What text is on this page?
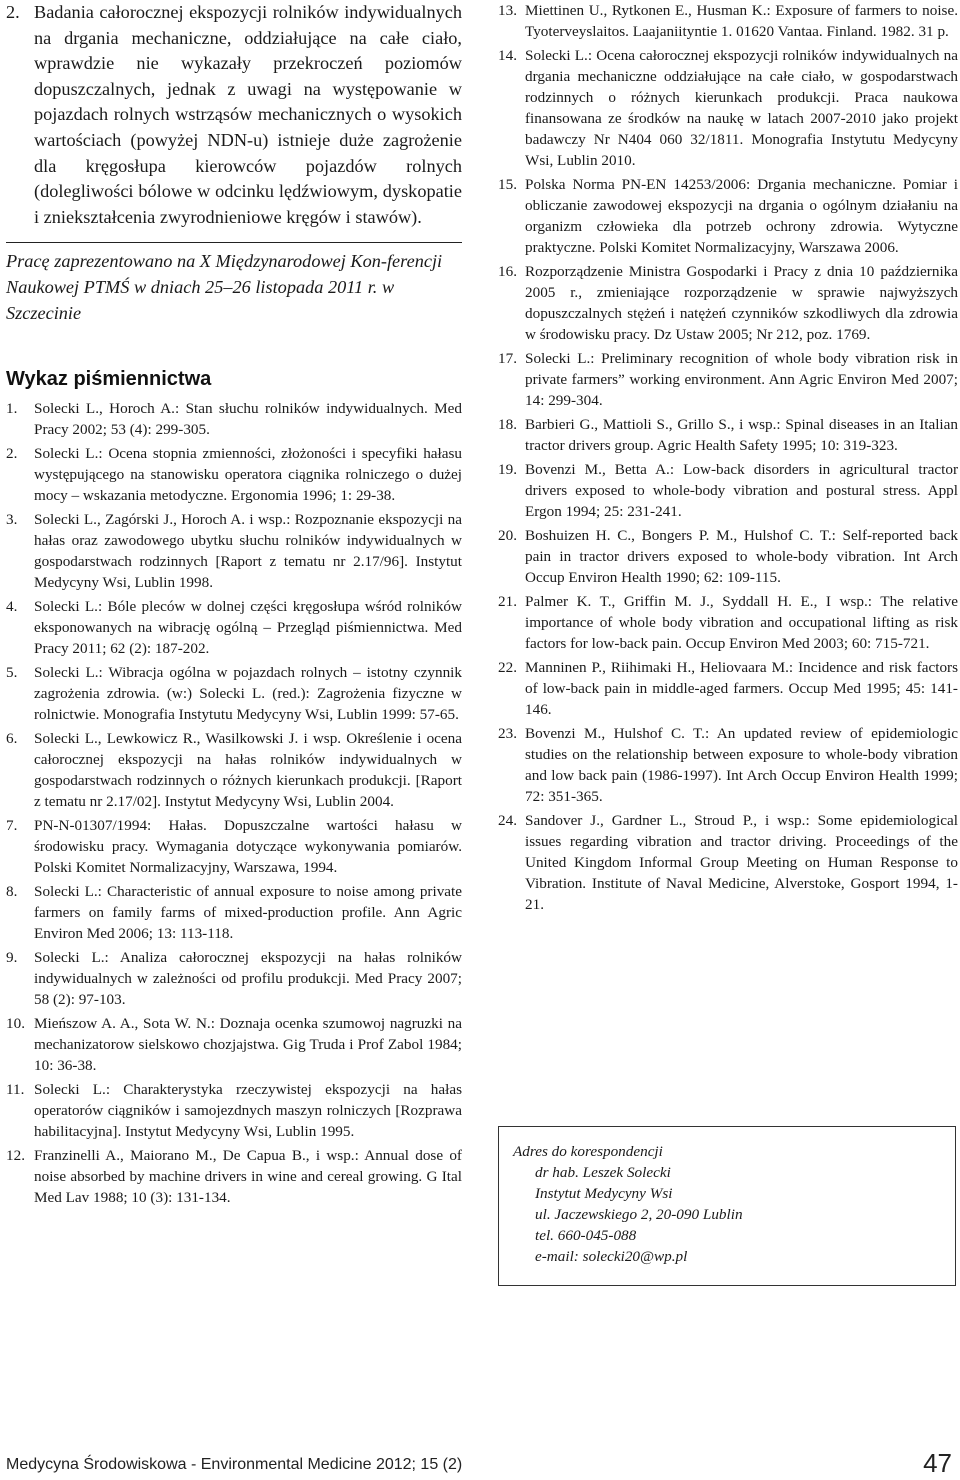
2. Badania całorocznej ekspozycji rolników indywidualnych na drgania mechaniczne, oddziałujące na całe ciało, wprawdzie nie wykazały przekroczeń poziomów dopuszczalnych, jednak z uwagi na występowanie w pojazdach rolnych wstrząsów mechanicznych o wysokich wartościach (powyżej NDN-u) istnieje duże zagrożenie dla kręgosłupa kierowców pojazdów rolnych (dolegliwości bólowe w odcinku lędźwiowym, dyskopatie i zniekształcenia zwyrodnieniowe kręgów i stawów).

Pracę zaprezentowano na X Międzynarodowej Kon-ferencji Naukowej PTMŚ w dniach 25–26 listopada 2011 r. w Szczecinie

Wykaz piśmiennictwa

1. Solecki L., Horoch A.: Stan słuchu rolników indywidualnych. Med Pracy 2002; 53 (4): 299-305.

2. Solecki L.: Ocena stopnia zmienności, złożoności i specyfiki hałasu występującego na stanowisku operatora ciągnika rolniczego o dużej mocy – wskazania metodyczne. Ergonomia 1996; 1: 29-38.

3. Solecki L., Zagórski J., Horoch A. i wsp.: Rozpoznanie ekspozycji na hałas oraz zawodowego ubytku słuchu rolników indywidualnych w gospodarstwach rodzinnych [Raport z tematu nr 2.17/96]. Instytut Medycyny Wsi, Lublin 1998.

4. Solecki L.: Bóle pleców w dolnej części kręgosłupa wśród rolników eksponowanych na wibrację ogólną – Przegląd piśmiennictwa. Med Pracy 2011; 62 (2): 187-202.

5. Solecki L.: Wibracja ogólna w pojazdach rolnych – istotny czynnik zagrożenia zdrowia. (w:) Solecki L. (red.): Zagrożenia fizyczne w rolnictwie. Monografia Instytutu Medycyny Wsi, Lublin 1999: 57-65.

6. Solecki L., Lewkowicz R., Wasilkowski J. i wsp. Określenie i ocena całorocznej ekspozycji na hałas rolników indywidualnych w gospodarstwach rodzinnych o różnych kierunkach produkcji. [Raport z tematu nr 2.17/02]. Instytut Medycyny Wsi, Lublin 2004.

7. PN-N-01307/1994: Hałas. Dopuszczalne wartości hałasu w środowisku pracy. Wymagania dotyczące wykonywania pomiarów. Polski Komitet Normalizacyjny, Warszawa, 1994.

8. Solecki L.: Characteristic of annual exposure to noise among private farmers on family farms of mixed-production profile. Ann Agric Environ Med 2006; 13: 113-118.

9. Solecki L.: Analiza całorocznej ekspozycji na hałas rolników indywidualnych w zależności od profilu produkcji. Med Pracy 2007; 58 (2): 97-103.

10. Mieńszow A. A., Sota W. N.: Doznaja ocenka szumowoj nagruzki na mechanizatorow sielskowo chozjajstwa. Gig Truda i Prof Zabol 1984; 10: 36-38.

11. Solecki L.: Charakterystyka rzeczywistej ekspozycji na hałas operatorów ciągników i samojezdnych maszyn rolniczych [Rozprawa habilitacyjna]. Instytut Medycyny Wsi, Lublin 1995.

12. Franzinelli A., Maiorano M., De Capua B., i wsp.: Annual dose of noise absorbed by machine drivers in wine and cereal growing. G Ital Med Lav 1988; 10 (3): 131-134.

13. Miettinen U., Rytkonen E., Husman K.: Exposure of farmers to noise. Tyoterveyslaitos. Laajaniityntie 1. 01620 Vantaa. Finland. 1982. 31 p.

14. Solecki L.: Ocena całorocznej ekspozycji rolników indywidualnych na drgania mechaniczne oddziałujące na całe ciało, w gospodarstwach rodzinnych o różnych kierunkach produkcji. Praca naukowa finansowana ze środków na naukę w latach 2007-2010 jako projekt badawczy Nr N404 060 32/1811. Monografia Instytutu Medycyny Wsi, Lublin 2010.

15. Polska Norma PN-EN 14253/2006: Drgania mechaniczne. Pomiar i obliczanie zawodowej ekspozycji na drgania o ogólnym działaniu na organizm człowieka dla potrzeb ochrony zdrowia. Wytyczne praktyczne. Polski Komitet Normalizacyjny, Warszawa 2006.

16. Rozporządzenie Ministra Gospodarki i Pracy z dnia 10 października 2005 r., zmieniające rozporządzenie w sprawie najwyższych dopuszczalnych stężeń i natężeń czynników szkodliwych dla zdrowia w środowisku pracy. Dz Ustaw 2005; Nr 212, poz. 1769.

17. Solecki L.: Preliminary recognition of whole body vibration risk in private farmers” working environment. Ann Agric Environ Med 2007; 14: 299-304.

18. Barbieri G., Mattioli S., Grillo S., i wsp.: Spinal diseases in an Italian tractor drivers group. Agric Health Safety 1995; 10: 319-323.

19. Bovenzi M., Betta A.: Low-back disorders in agricultural tractor drivers exposed to whole-body vibration and postural stress. Appl Ergon 1994; 25: 231-241.

20. Boshuizen H. C., Bongers P. M., Hulshof C. T.: Self-reported back pain in tractor drivers exposed to whole-body vibration. Int Arch Occup Environ Health 1990; 62: 109-115.

21. Palmer K. T., Griffin M. J., Syddall H. E., I wsp.: The relative importance of whole body vibration and occupational lifting as risk factors for low-back pain. Occup Environ Med 2003; 60: 715-721.

22. Manninen P., Riihimaki H., Heliovaara M.: Incidence and risk factors of low-back pain in middle-aged farmers. Occup Med 1995; 45: 141-146.

23. Bovenzi M., Hulshof C. T.: An updated review of epidemiologic studies on the relationship between exposure to whole-body vibration and low back pain (1986-1997). Int Arch Occup Environ Health 1999; 72: 351-365.

24. Sandover J., Gardner L., Stroud P., i wsp.: Some epidemiological issues regarding vibration and tractor driving. Proceedings of the United Kingdom Informal Group Meeting on Human Response to Vibration. Institute of Naval Medicine, Alverstoke, Gosport 1994, 1-21.

Adres do korespondencji
dr hab. Leszek Solecki
Instytut Medycyny Wsi
ul. Jaczewskiego 2, 20-090 Lublin
tel. 660-045-088
e-mail: solecki20@wp.pl
Medycyna Środowiskowa - Environmental Medicine 2012; 15 (2)	47
